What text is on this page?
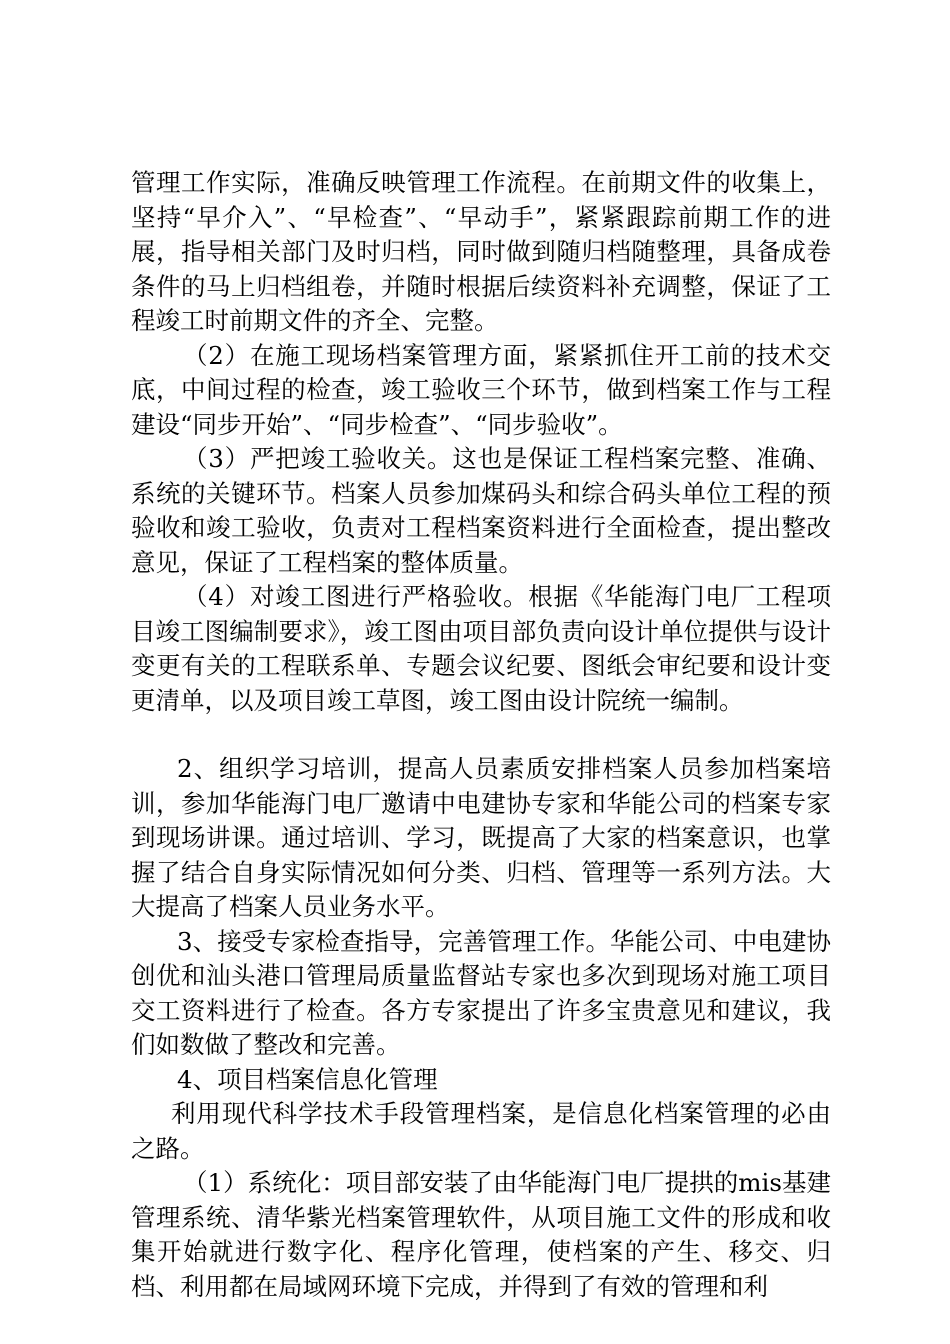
管理工作实际，准确反映管理工作流程。在前期文件的收集上，坚持“早介入”、“早检查”、“早动手”，紧紧跟踪前期工作的进展，指导相关部门及时归档，同时做到随归档随整理，具备成卷条件的马上归档组卷，并随时根据后续资料补充调整，保证了工程竣工时前期文件的齐全、完整。

（2）在施工现场档案管理方面，紧紧抓住开工前的技术交底，中间过程的检查，竣工验收三个环节，做到档案工作与工程建设“同步开始”、“同步检查”、“同步验收”。

（3）严把竣工验收关。这也是保证工程档案完整、准确、系统的关键环节。档案人员参加煤码头和综合码头单位工程的预验收和竣工验收，负责对工程档案资料进行全面检查，提出整改意见，保证了工程档案的整体质量。

（4）对竣工图进行严格验收。根据《华能海门电厂工程项目竣工图编制要求》，竣工图由项目部负责向设计单位提供与设计变更有关的工程联系单、专题会议纪要、图纸会审纪要和设计变更清单，以及项目竣工草图，竣工图由设计院统一编制。

2、组织学习培训，提高人员素质安排档案人员参加档案培训，参加华能海门电厂邀请中电建协专家和华能公司的档案专家到现场讲课。通过培训、学习，既提高了大家的档案意识，也掌握了结合自身实际情况如何分类、归档、管理等一系列方法。大大提高了档案人员业务水平。

3、接受专家检查指导，完善管理工作。华能公司、中电建协创优和汕头港口管理局质量监督站专家也多次到现场对施工项目交工资料进行了检查。各方专家提出了许多宝贵意见和建议，我们如数做了整改和完善。

4、项目档案信息化管理

利用现代科学技术手段管理档案，是信息化档案管理的必由之路。

（1）系统化：项目部安装了由华能海门电厂提拱的mis基建管理系统、清华紫光档案管理软件，从项目施工文件的形成和收集开始就进行数字化、程序化管理，使档案的产生、移交、归档、利用都在局域网环境下完成，并得到了有效的管理和利
